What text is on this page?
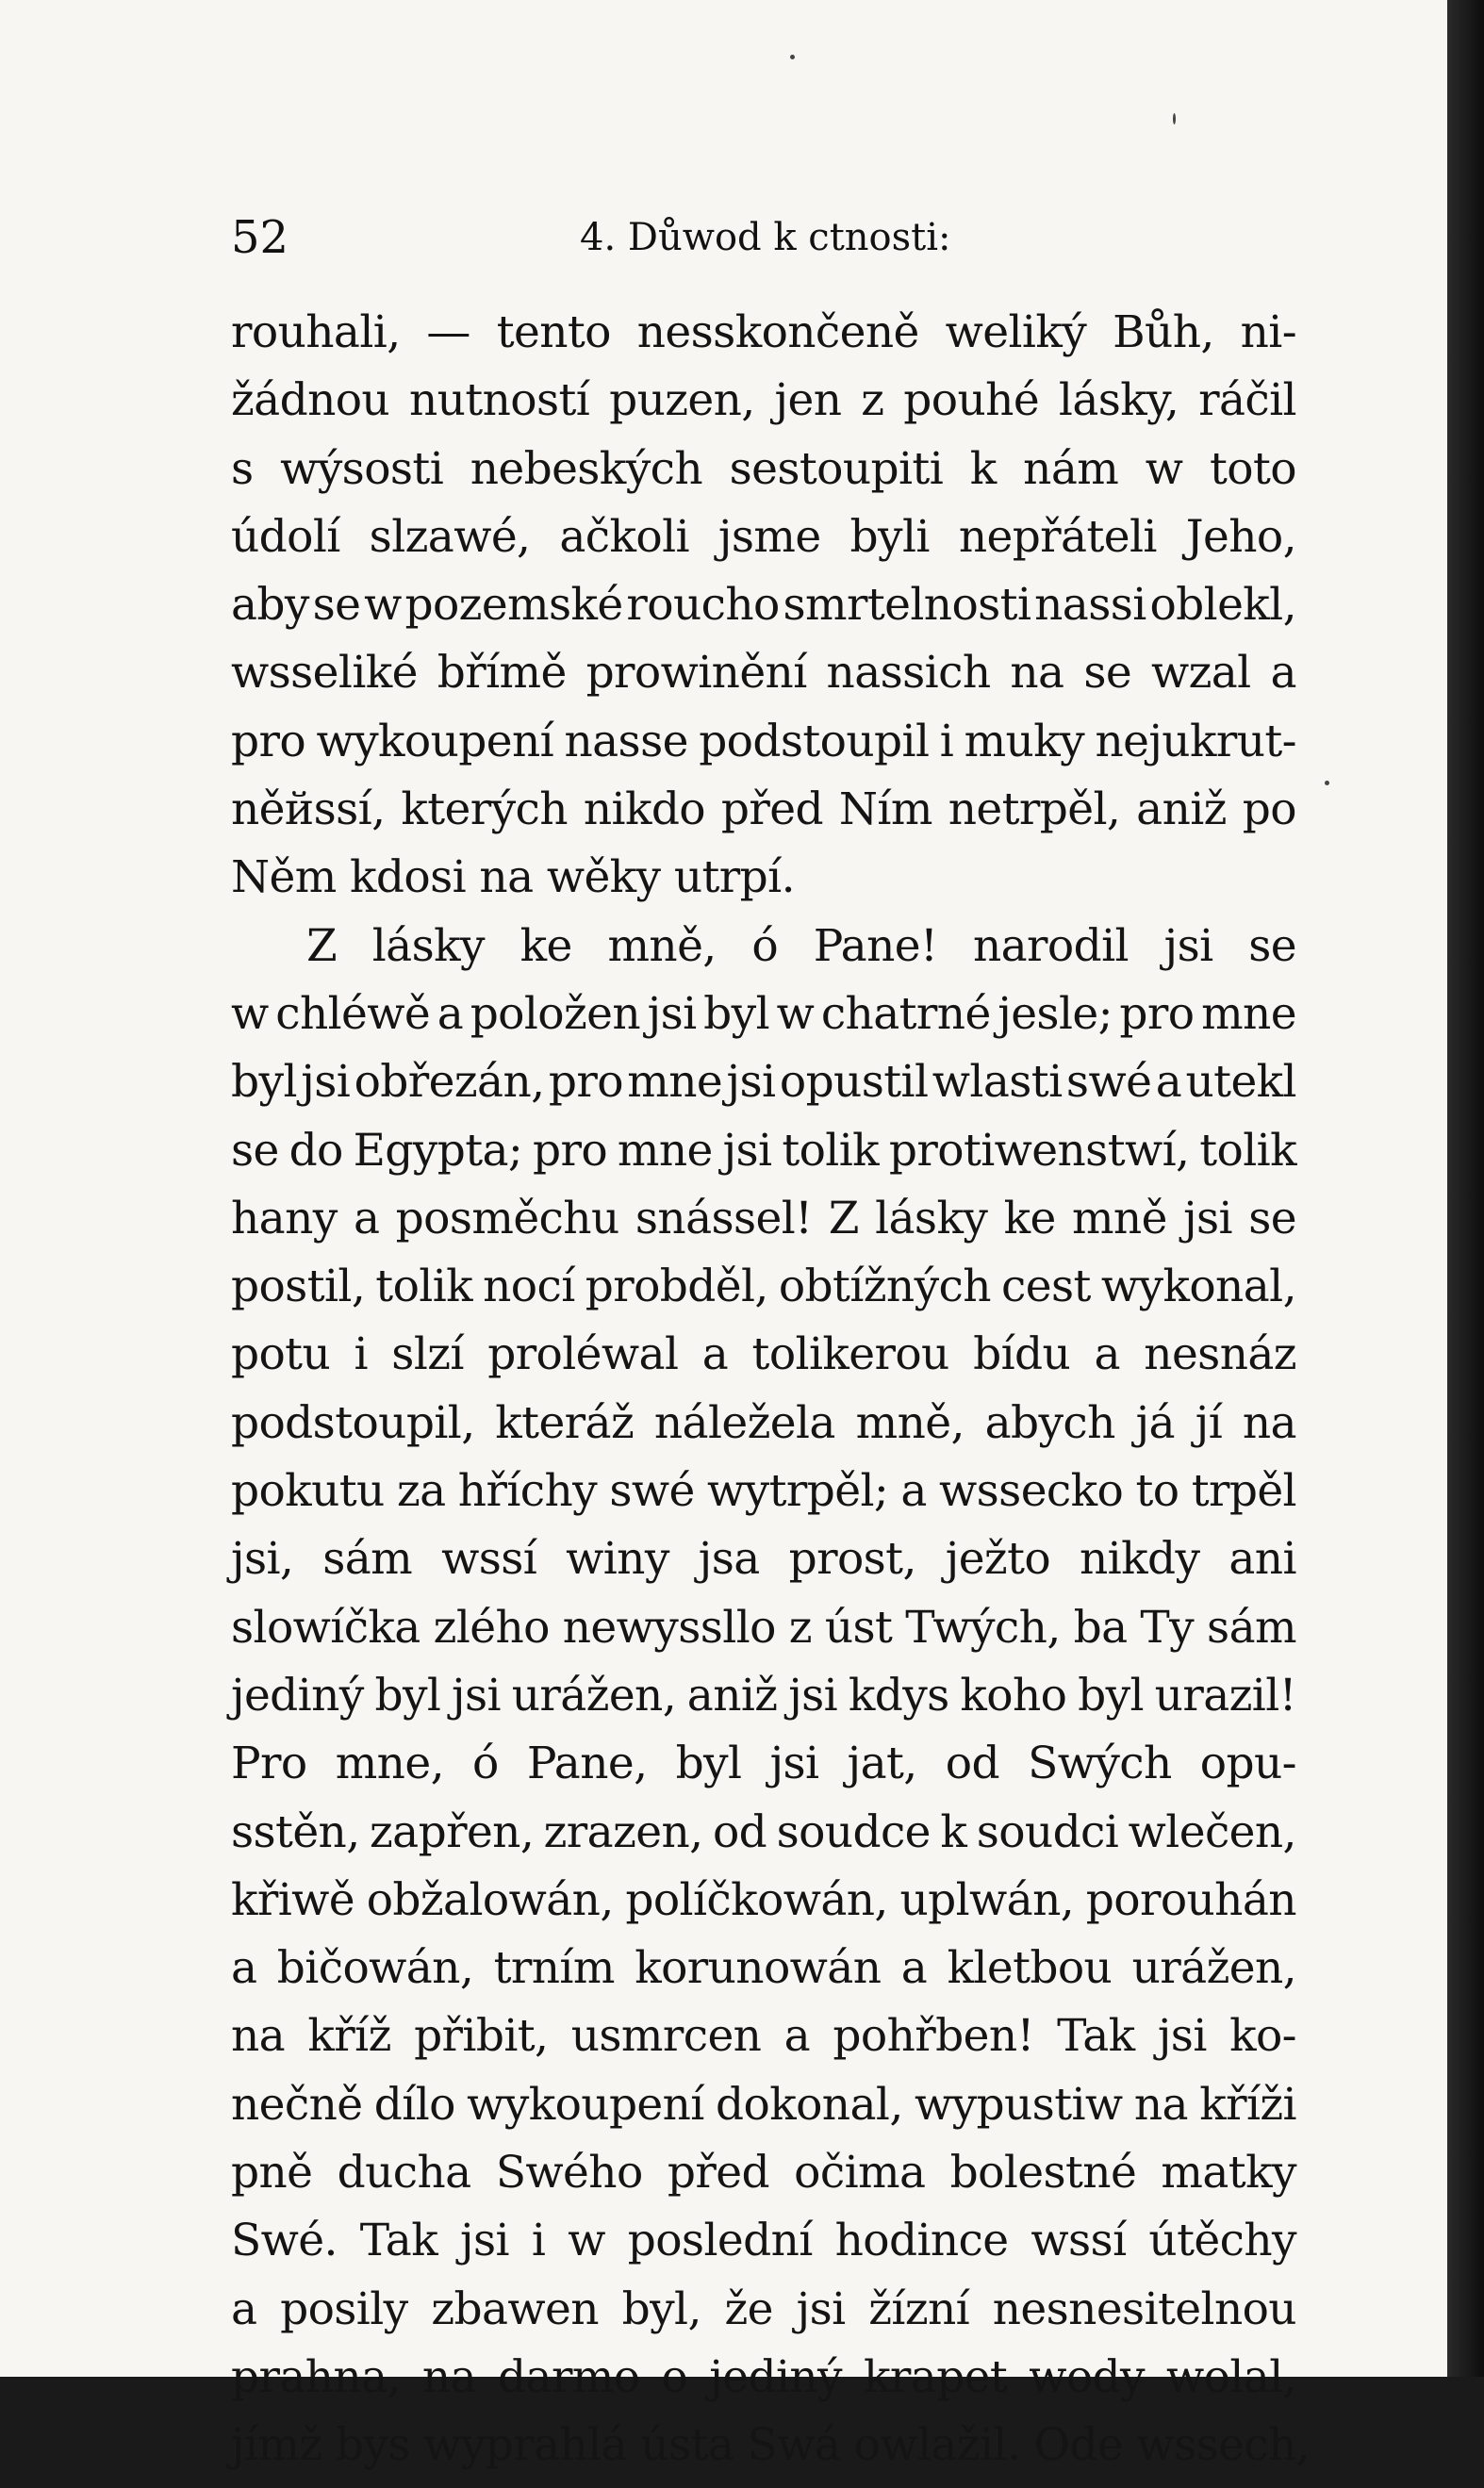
52	4. Důwod k ctnosti:
rouhali, — tento nesskončeně weliký Bůh, ni-
žádnou nutností puzen, jen z pouhé lásky, ráčil
s wýsosti nebeských sestoupiti k nám w toto
údolí slzawé, ačkoli jsme byli nepřáteli Jeho,
aby se w pozemské roucho smrtelnosti nassi oblekl,
wsseliké břímě prowinění nassich na se wzal a
pro wykoupení nasse podstoupil i muky nejukrut-
něйssí, kterých nikdo před Ním netrpěl, aniž po
Něm kdosi na wěky utrpí.
Z lásky ke mně, ó Pane! narodil jsi se
w chléwě a položen jsi byl w chatrné jesle; pro mne
byl jsi obřezán, pro mne jsi opustil wlasti swé a utekl
se do Egypta; pro mne jsi tolik protiwenstwí, tolik
hany a posměchu snássel! Z lásky ke mně jsi se
postil, tolik nocí probděl, obtížných cest wykonal,
potu i slzí proléwal a tolikerou bídu a nesnáz
podstoupil, kteráž náležela mně, abych já jí na
pokutu za hříchy swé wytrpěl; a wssecko to trpěl
jsi, sám wssí winy jsa prost, ježto nikdy ani
slowíčka zlého newyssllo z úst Twých, ba Ty sám
jediný byl jsi urážen, aniž jsi kdys koho byl urazil!
Pro mne, ó Pane, byl jsi jat, od Swých opu-
sstěn, zapřen, zrazen, od soudce k soudci wlečen,
křiwě obžalowán, políčkowán, uplwán, porouhán
a bičowán, trním korunowán a kletbou urážen,
na kříž přibit, usmrcen a pohřben! Tak jsi ko-
nečně dílo wykoupení dokonal, wypustiw na kříži
pně ducha Swého před očima bolestné matky
Swé. Tak jsi i w poslední hodince wssí útěchy
a posily zbawen byl, že jsi žízní nesnesitelnou
prahna, na darmo o jediný krapet wody wolal,
jímž bys wyprahlá ústa Swá owlažil. Ode wssech,
